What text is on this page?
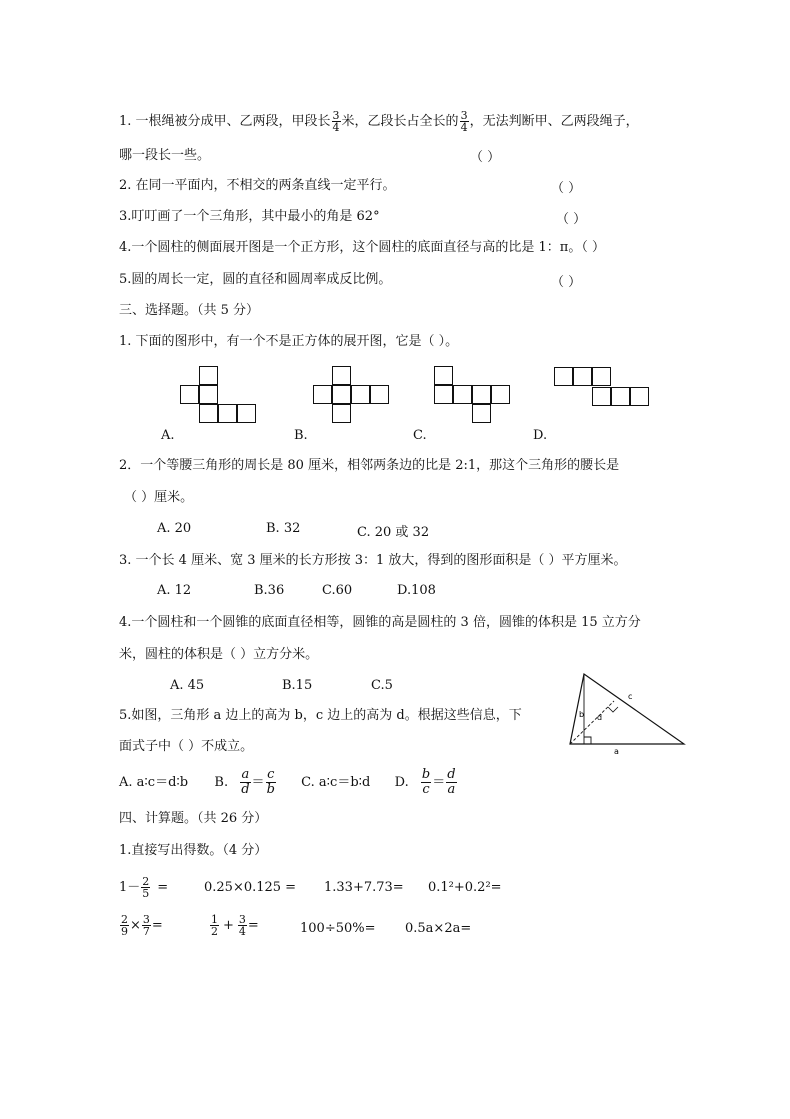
1. 一根绳被分成甲、乙两段，甲段长 $\frac{3}{4}$ 米，乙段长占全长的 $\frac{3}{4}$ ，无法判断甲、乙两段绳子，
哪一段长一些。	（ ）
2. 在同一平面内，不相交的两条直线一定平行。	（ ）
3.叮叮画了一个三角形，其中最小的角是 62°	（ ）
4.一个圆柱的侧面展开图是一个正方形，这个圆柱的底面直径与高的比是 1：π。（ ）
5.圆的周长一定，圆的直径和圆周率成反比例。	（ ）
三、选择题。（共 5 分）
1. 下面的图形中，有一个不是正方体的展开图，它是（ ）。
A.	B.	C.	D.
2．一个等腰三角形的周长是 80 厘米，相邻两条边的比是 2:1，那这个三角形的腰长是
（ ）厘米。
A. 20	B. 32	C. 20 或 32
3. 一个长 4 厘米、宽 3 厘米的长方形按 3：1 放大，得到的图形面积是（ ）平方厘米。
A. 12	B.36	C.60	D.108
4.一个圆柱和一个圆锥的底面直径相等，圆锥的高是圆柱的 3 倍，圆锥的体积是 15 立方分
米，圆柱的体积是（ ）立方分米。
A. 45	B.15	C.5
5.如图，三角形 a 边上的高为 b，c 边上的高为 d。根据这些信息，下
面式子中（ ）不成立。
c
d
b
a
A. a∶c＝d∶b B. $\frac{a}{d} = \frac{c}{b} C$. a∶c＝b∶d D. $\frac{b}{c} = \frac{d}{a}$
四、计算题。（共 26 分）
1.直接写出得数。（4 分）
$1- \frac{2}{5}$ =	0.25×0.125 = 1.33+7.73= 0.1²+0.2²=
$\frac{2}{9} \times \frac{3}{7}$ =	$\frac{1}{2} + \frac{3}{4}$ =	100÷50%= 0.5a×2a=
